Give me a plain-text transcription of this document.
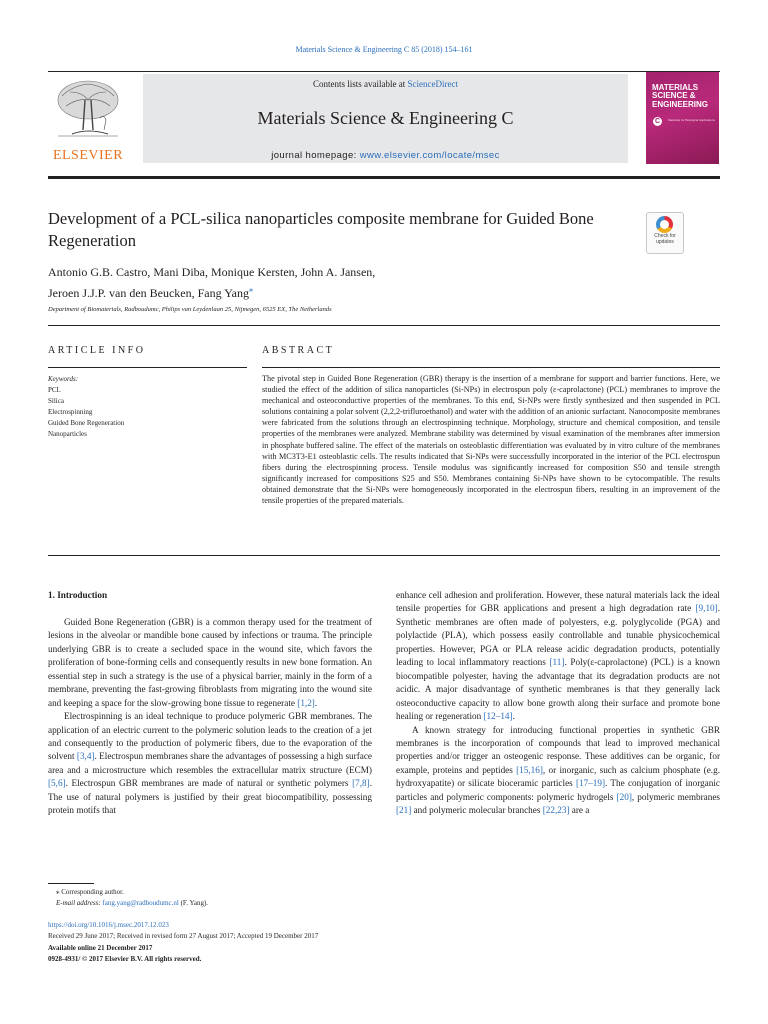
Materials Science & Engineering C 85 (2018) 154–161
ELSEVIER
Contents lists available at ScienceDirect
Materials Science & Engineering C
journal homepage: www.elsevier.com/locate/msec
MATERIALS SCIENCE & ENGINEERING
C	Materials for Biological Applications
Development of a PCL-silica nanoparticles composite membrane for Guided Bone Regeneration	Check for updates
Antonio G.B. Castro, Mani Diba, Monique Kersten, John A. Jansen,
Jeroen J.J.P. van den Beucken, Fang Yang⁎
Department of Biomaterials, Radboudumc, Philips van Leydenlaan 25, Nijmegen, 6525 EX, The Netherlands
ARTICLE INFO
Keywords:
PCL
Silica
Electrospinning
Guided Bone Regeneration
Nanoparticles
ABSTRACT
The pivotal step in Guided Bone Regeneration (GBR) therapy is the insertion of a membrane for support and barrier functions. Here, we studied the effect of the addition of silica nanoparticles (Si-NPs) in electrospun poly (ε-caprolactone) (PCL) membranes to improve the mechanical and osteoconductive properties of the membranes. To this end, Si-NPs were firstly synthesized and then suspended in PCL solutions containing a polar solvent (2,2,2-trifluroethanol) and water with the addition of an anionic surfactant. Nanocomposite membranes were fabricated from the solutions through an electrospinning technique. Morphology, structure and chemical composition, and tensile properties of the membranes were analyzed. Membrane stability was determined by visual examination of the membranes after immersion in phosphate buffered saline. The effect of the materials on osteoblastic differentiation was evaluated by in vitro culture of the membranes with MC3T3-E1 osteoblastic cells. The results indicated that Si-NPs were successfully incorporated in the interior of the PCL electrospun fibers during the electrospinning process. Tensile modulus was significantly increased for composition S50 and tensile strength significantly increased for compositions S25 and S50. Membranes containing Si-NPs have shown to be cytocompatible. The results obtained demonstrate that the Si-NPs were homogeneously incorporated in the electrospun fibers, resulting in an improvement of the tensile properties of the prepared materials.

1. Introduction

Guided Bone Regeneration (GBR) is a common therapy used for the treatment of lesions in the alveolar or mandible bone caused by infections or trauma. The principle underlying GBR is to create a secluded space in the wound site, which favors the proliferation of bone-forming cells and consequently results in new bone formation. An essential step in such a strategy is the use of a physical barrier, mainly in the form of a membrane, preventing the fast-growing fibroblasts from migrating into the wound site and keeping a space for the slow-growing bone tissue to regenerate [1,2].

Electrospinning is an ideal technique to produce polymeric GBR membranes. The application of an electric current to the polymeric solution leads to the creation of a jet and consequently to the production of polymeric fibers, due to the evaporation of the solvent [3,4]. Electrospun membranes share the advantages of possessing a high surface area and a microstructure which resembles the extracellular matrix structure (ECM) [5,6]. Electrospun GBR membranes are made of natural or synthetic polymers [7,8]. The use of natural polymers is justified by their great biocompatibility, possessing protein motifs that

enhance cell adhesion and proliferation. However, these natural materials lack the ideal tensile properties for GBR applications and present a high degradation rate [9,10]. Synthetic membranes are often made of polyesters, e.g. polyglycolide (PGA) and polylactide (PLA), which possess easily controllable and tunable physicochemical properties. However, PGA or PLA release acidic degradation products, potentially leading to local inflammatory reactions [11]. Poly(ε-caprolactone) (PCL) is a known biocompatible polyester, having the advantage that its degradation products are not acidic. A major disadvantage of synthetic membranes is that they generally lack osteoconductive capacity to allow bone growth along their surface and promote bone healing or regeneration [12–14].

A known strategy for introducing functional properties in synthetic GBR membranes is the incorporation of compounds that lead to improved mechanical properties and/or trigger an osteogenic response. These additives can be organic, for example, proteins and peptides [15,16], or inorganic, such as calcium phosphate (e.g. hydroxyapatite) or silicate bioceramic particles [17–19]. The conjugation of inorganic particles and polymeric components: polymeric hydrogels [20], polymeric membranes [21] and polymeric molecular branches [22,23] are a

⁎ Corresponding author.
E-mail address: fang.yang@radboudumc.nl (F. Yang).
https://doi.org/10.1016/j.msec.2017.12.023
Received 29 June 2017; Received in revised form 27 August 2017; Accepted 19 December 2017
Available online 21 December 2017
0928-4931/ © 2017 Elsevier B.V. All rights reserved.
